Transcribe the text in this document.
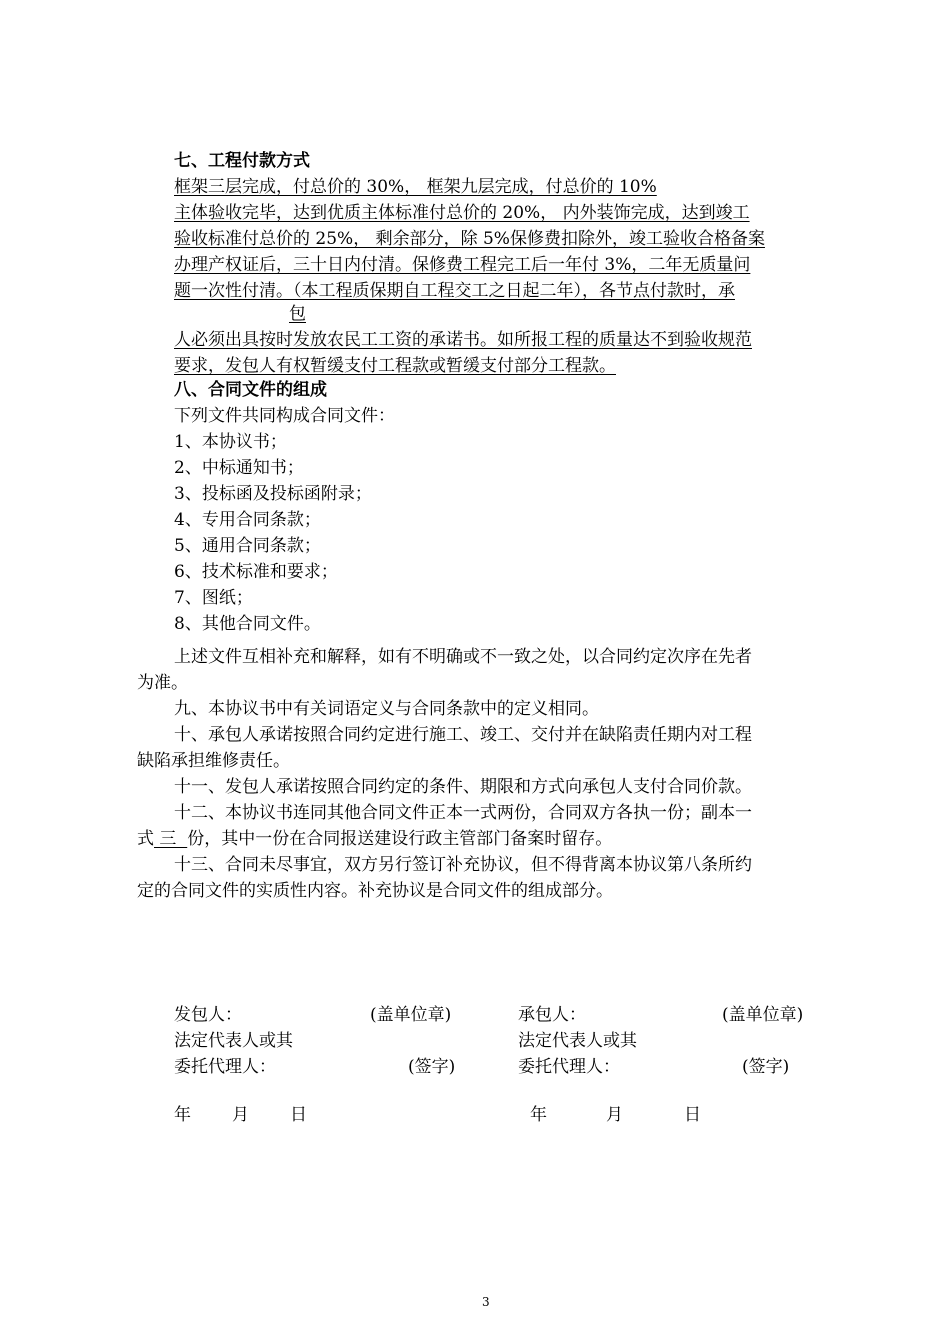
七、工程付款方式
框架三层完成，付总价的 30%， 框架九层完成，付总价的 10%
主体验收完毕，达到优质主体标准付总价的 20%， 内外装饰完成，达到竣工
验收标准付总价的 25%， 剩余部分，除 5%保修费扣除外，竣工验收合格备案
办理产权证后，三十日内付清。保修费工程完工后一年付 3%，二年无质量问
题一次性付清。（本工程质保期自工程交工之日起二年），各节点付款时，承
包
人必须出具按时发放农民工工资的承诺书。如所报工程的质量达不到验收规范
要求，发包人有权暂缓支付工程款或暂缓支付部分工程款。
八、合同文件的组成
下列文件共同构成合同文件：
1、本协议书；
2、中标通知书；
3、投标函及投标函附录；
4、专用合同条款；
5、通用合同条款；
6、技术标准和要求；
7、图纸；
8、其他合同文件。
上述文件互相补充和解释，如有不明确或不一致之处，以合同约定次序在先者
为准。
九、本协议书中有关词语定义与合同条款中的定义相同。
十、承包人承诺按照合同约定进行施工、竣工、交付并在缺陷责任期内对工程
缺陷承担维修责任。
十一、发包人承诺按照合同约定的条件、期限和方式向承包人支付合同价款。
十二、本协议书连同其他合同文件正本一式两份，合同双方各执一份；副本一
式 三  份，其中一份在合同报送建设行政主管部门备案时留存。
十三、合同未尽事宜，双方另行签订补充协议，但不得背离本协议第八条所约
定的合同文件的实质性内容。补充协议是合同文件的组成部分。
发包人：	(盖单位章)
法定代表人或其
委托代理人：	(签字)
年 月 日
承包人：	(盖单位章)
法定代表人或其
委托代理人：	(签字)
年	月	日
3
